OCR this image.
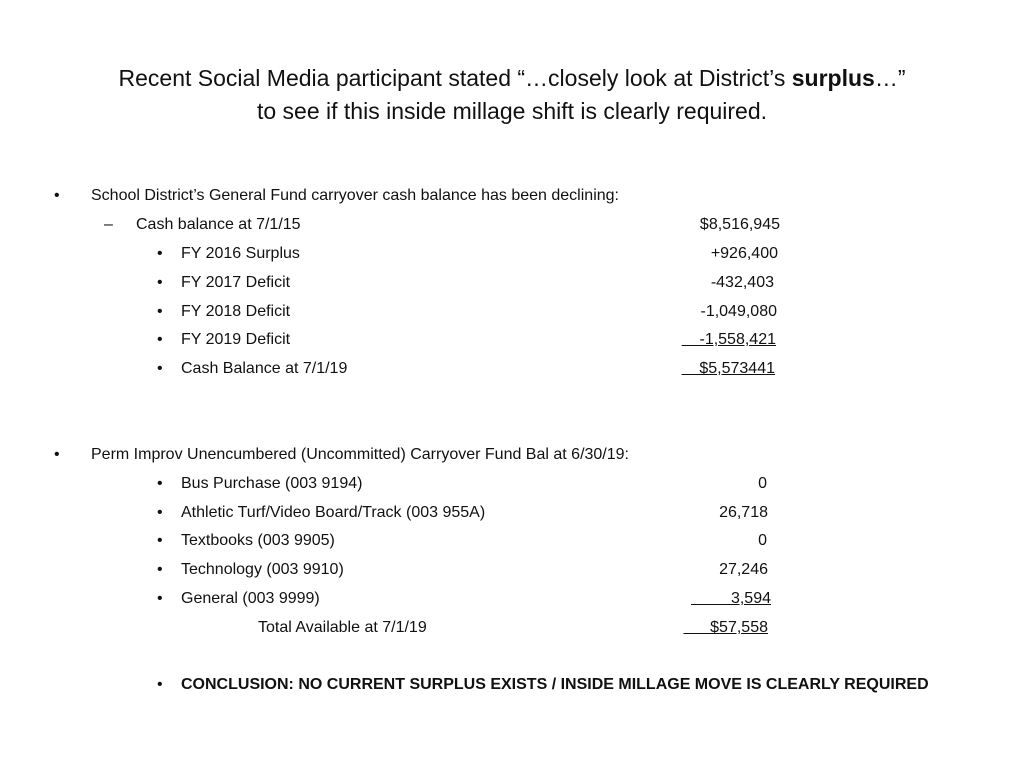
Recent Social Media participant stated “…closely look at District’s surplus…”
to see if this inside millage shift is clearly required.
• School District’s General Fund carryover cash balance has been declining:
– Cash balance at 7/1/15	$8,516,945
• FY 2016 Surplus	+926,400
• FY 2017 Deficit	-432,403
• FY 2018 Deficit	-1,049,080
• FY 2019 Deficit	-1,558,421
• Cash Balance at 7/1/19	$5,573441
• Perm Improv Unencumbered (Uncommitted) Carryover Fund Bal at 6/30/19:
• Bus Purchase (003 9194)	0
• Athletic Turf/Video Board/Track (003 955A)	26,718
• Textbooks (003 9905)	0
• Technology (003 9910)	27,246
• General (003 9999)	3,594
Total Available at 7/1/19	$57,558
• CONCLUSION: NO CURRENT SURPLUS EXISTS / INSIDE MILLAGE MOVE IS CLEARLY REQUIRED
